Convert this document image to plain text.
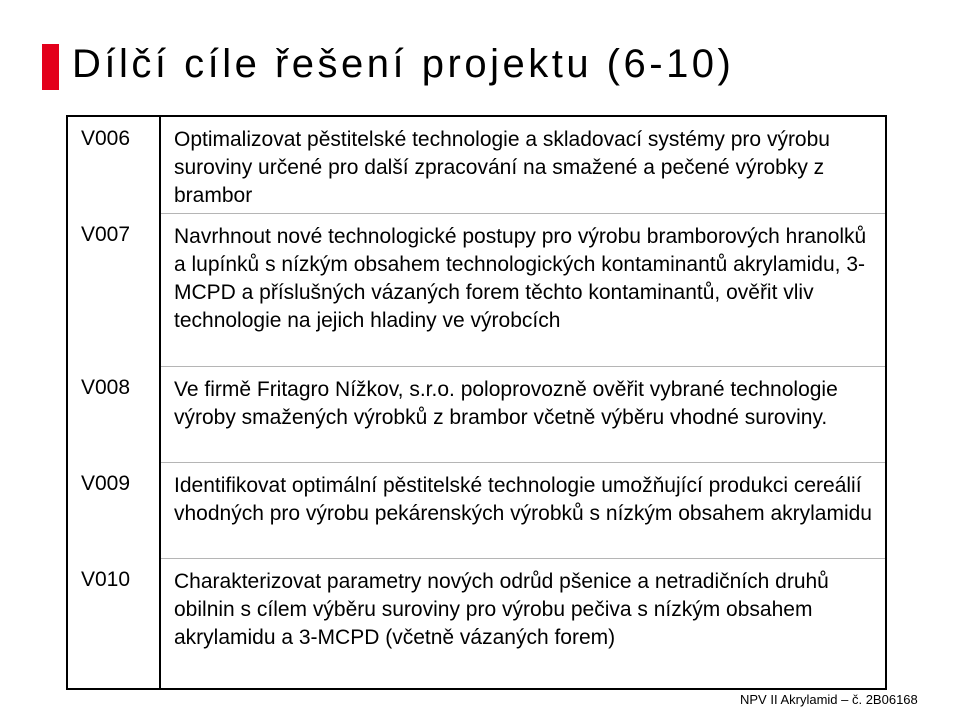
Dílčí cíle řešení projektu (6-10)
V006	Optimalizovat pěstitelské technologie a skladovací systémy pro výrobu suroviny určené pro další zpracování na smažené a pečené výrobky z brambor
V007	Navrhnout nové technologické postupy pro výrobu bramborových hranolků a lupínků s nízkým obsahem technologických kontaminantů akrylamidu, 3-MCPD a příslušných vázaných forem těchto kontaminantů, ověřit vliv technologie na jejich hladiny ve výrobcích
V008	Ve firmě Fritagro Nížkov, s.r.o. poloprovozně ověřit vybrané technologie výroby smažených výrobků z brambor včetně výběru vhodné suroviny.
V009	Identifikovat optimální pěstitelské technologie umožňující produkci cereálií vhodných pro výrobu pekárenských výrobků s nízkým obsahem akrylamidu
V010	Charakterizovat parametry nových odrůd pšenice a netradičních druhů obilnin s cílem výběru suroviny pro výrobu pečiva s nízkým obsahem akrylamidu a 3-MCPD (včetně vázaných forem)
NPV II Akrylamid – č. 2B06168
